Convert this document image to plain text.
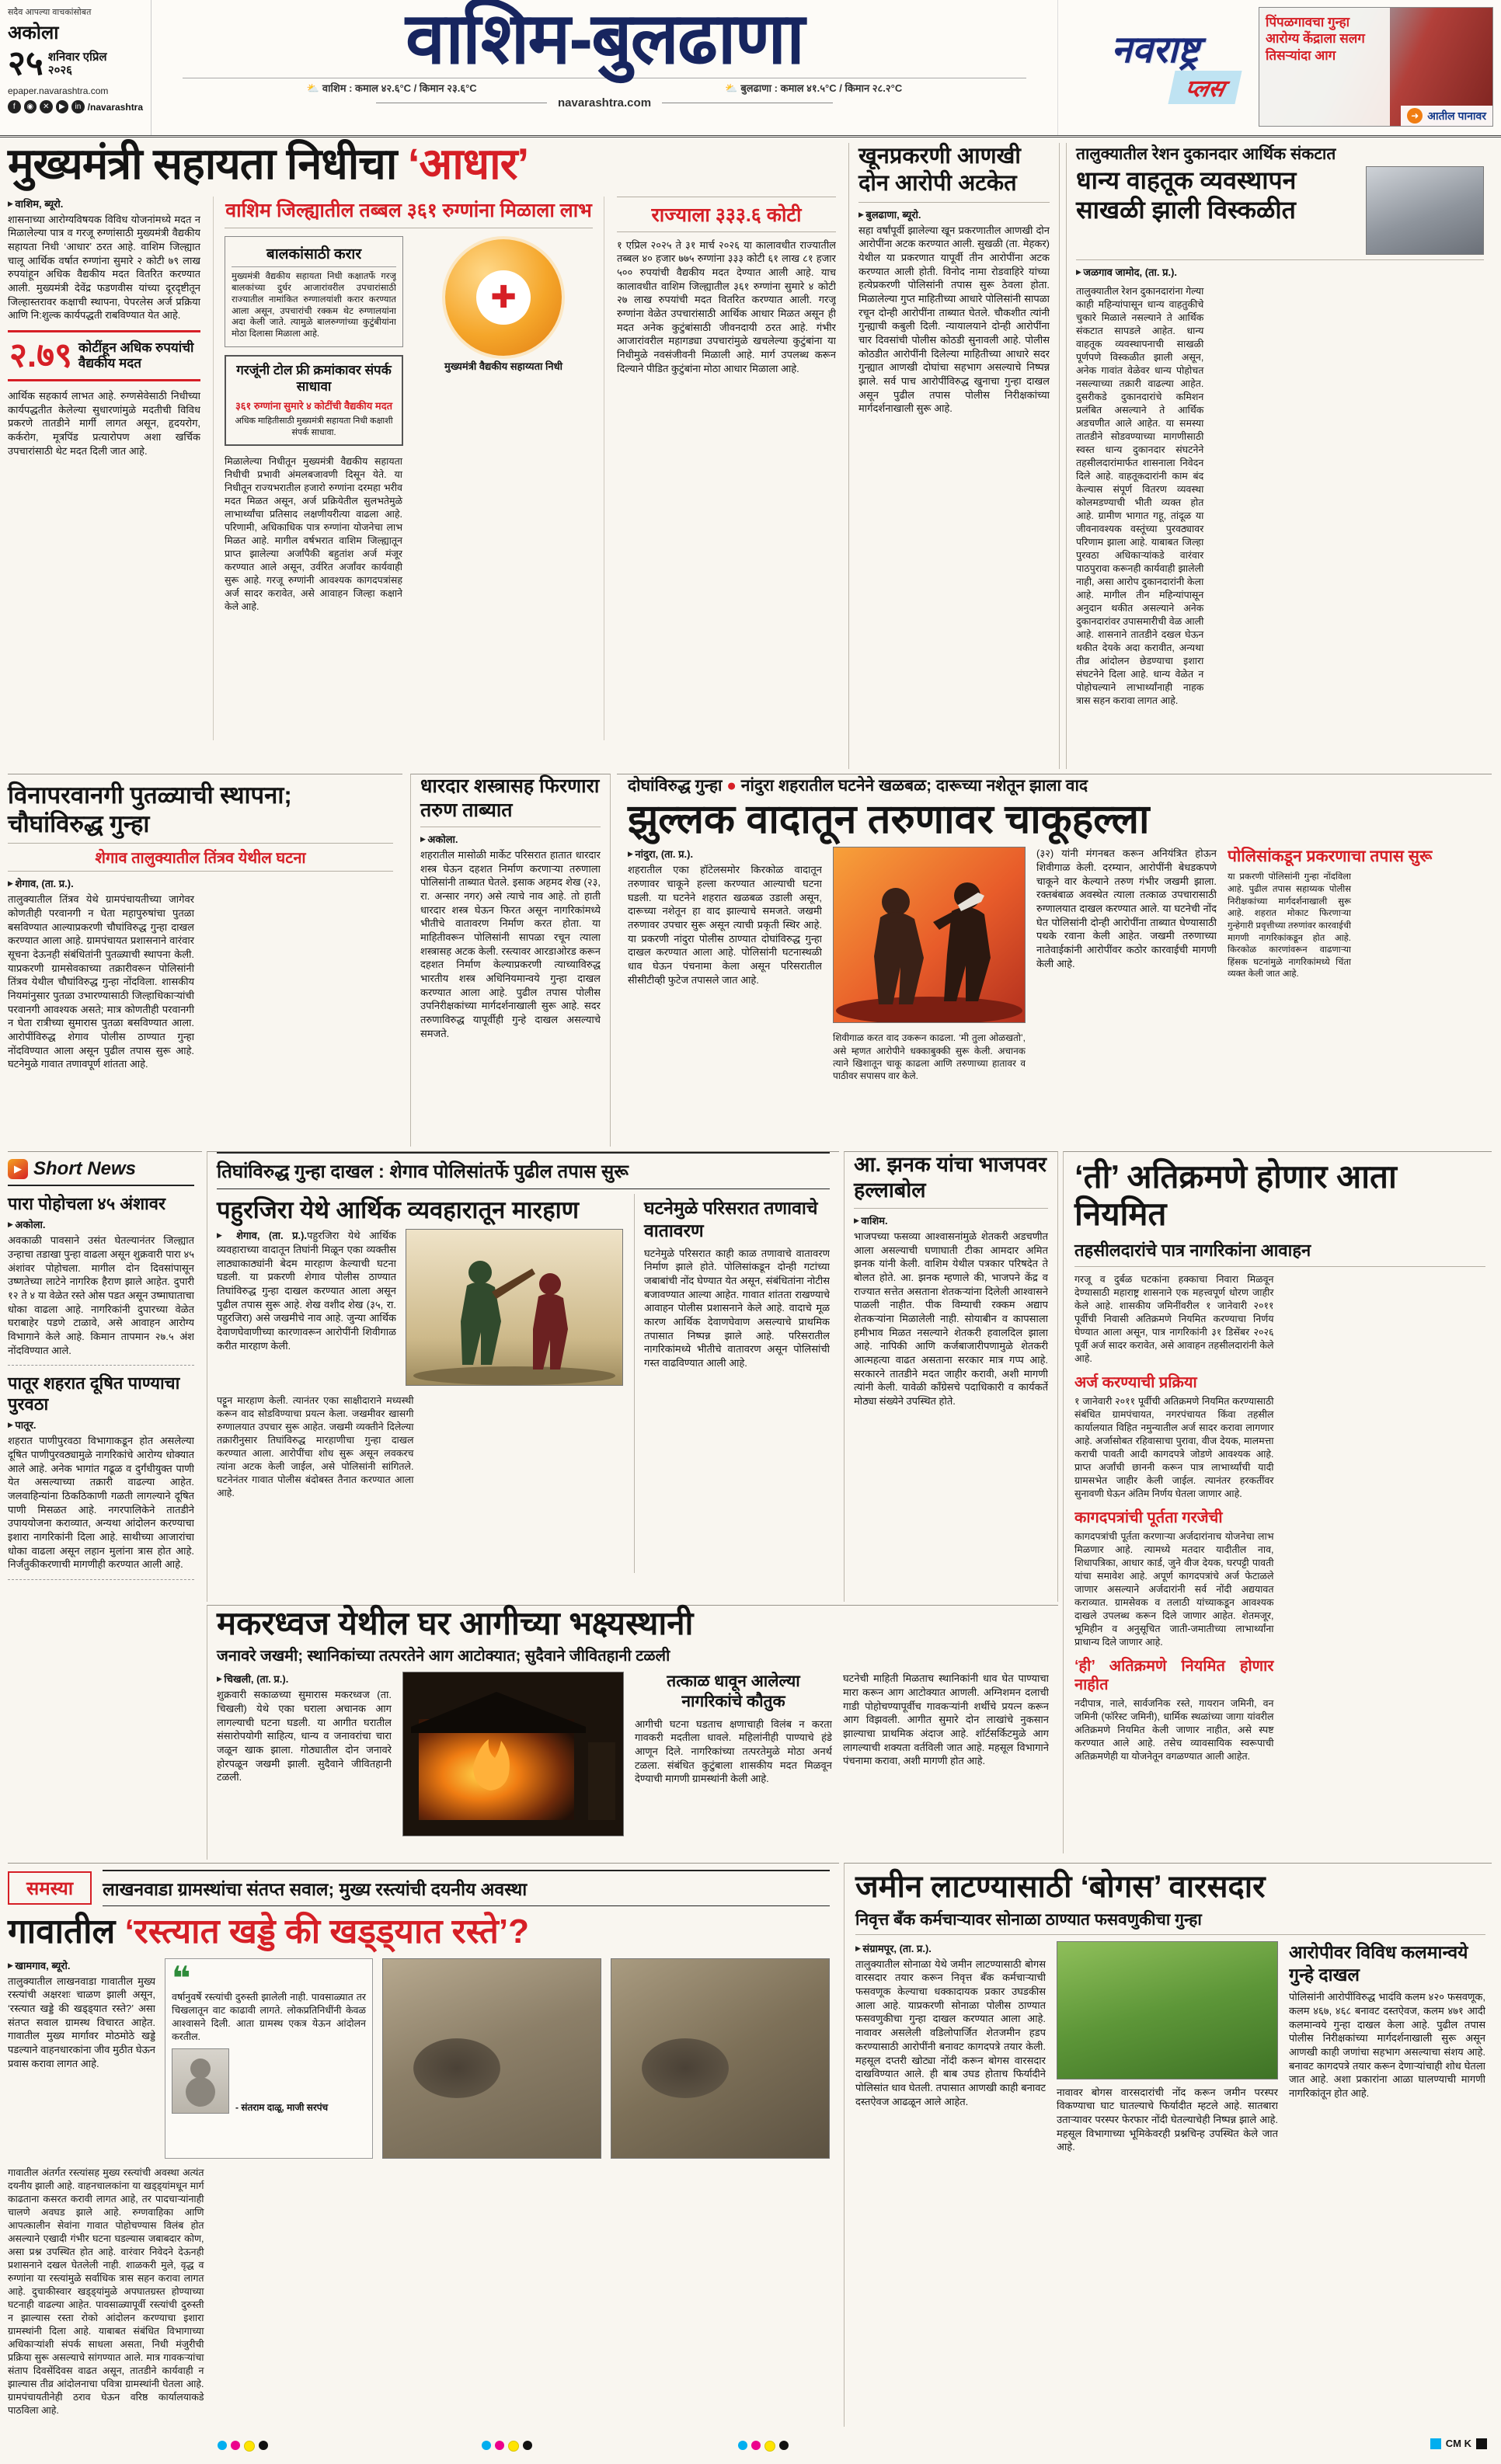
सदैव आपल्या वाचकांसोबत
अकोला
२५ शनिवार एप्रिल २०२६
epaper.navarashtra.com
f	◉	✕	▶	in /navarashtra
वाशिम-बुलढाणा
⛅ वाशिम : कमाल ४२.६°C / किमान २३.६°C	⛅ बुलढाणा : कमाल ४१.५°C / किमान २८.२°C
navarashtra.com
नवराष्ट्र
प्लस
पिंपळगावचा गुन्हा आरोग्य केंद्राला सलग तिसऱ्यांदा आग
➜ आतील पानावर
मुख्यमंत्री सहायता निधीचा ‘आधार’
▶ वाशिम, ब्यूरो.
शासनाच्या आरोग्यविषयक विविध योजनांमध्ये मदत न मिळालेल्या पात्र व गरजू रुग्णांसाठी मुख्यमंत्री वैद्यकीय सहायता निधी ‘आधार’ ठरत आहे. वाशिम जिल्ह्यात चालू आर्थिक वर्षात रुग्णांना सुमारे २ कोटी ७९ लाख रुपयांहून अधिक वैद्यकीय मदत वितरित करण्यात आली. मुख्यमंत्री देवेंद्र फडणवीस यांच्या दूरदृष्टीतून जिल्हास्तरावर कक्षाची स्थापना, पेपरलेस अर्ज प्रक्रिया आणि नि:शुल्क कार्यपद्धती राबविण्यात येत आहे.
२.७९ कोटींहून अधिक रुपयांची वैद्यकीय मदत
आर्थिक सहकार्य लाभत आहे. रुग्णसेवेसाठी निधीच्या कार्यपद्धतीत केलेल्या सुधारणांमुळे मदतीची विविध प्रकरणे तातडीने मार्गी लागत असून, हृदयरोग, कर्करोग, मूत्रपिंड प्रत्यारोपण अशा खर्चिक उपचारांसाठी थेट मदत दिली जात आहे.
वाशिम जिल्ह्यातील तब्बल ३६१ रुग्णांना मिळाला लाभ
बालकांसाठी करार
मुख्यमंत्री वैद्यकीय सहायता निधी कक्षातर्फे गरजू बालकांच्या दुर्धर आजारांवरील उपचारांसाठी राज्यातील नामांकित रुग्णालयांशी करार करण्यात आला असून, उपचारांची रक्कम थेट रुग्णालयांना अदा केली जाते. त्यामुळे बालरुग्णांच्या कुटुंबीयांना मोठा दिलासा मिळाला आहे.
गरजूंनी टोल फ्री क्रमांकावर संपर्क साधावा
३६१ रुग्णांना सुमारे ४ कोटींची वैद्यकीय मदत
अधिक माहितीसाठी मुख्यमंत्री सहायता निधी कक्षाशी संपर्क साधावा.
✚
मुख्यमंत्री वैद्यकीय सहाय्यता निधी
मिळालेल्या निधीतून मुख्यमंत्री वैद्यकीय सहायता निधीची प्रभावी अंमलबजावणी दिसून येते. या निधीतून राज्यभरातील हजारो रुग्णांना दरमहा भरीव मदत मिळत असून, अर्ज प्रक्रियेतील सुलभतेमुळे लाभार्थ्यांचा प्रतिसाद लक्षणीयरीत्या वाढला आहे. परिणामी, अधिकाधिक पात्र रुग्णांना योजनेचा लाभ मिळत आहे. मागील वर्षभरात वाशिम जिल्ह्यातून प्राप्त झालेल्या अर्जांपैकी बहुतांश अर्ज मंजूर करण्यात आले असून, उर्वरित अर्जांवर कार्यवाही सुरू आहे. गरजू रुग्णांनी आवश्यक कागदपत्रांसह अर्ज सादर करावेत, असे आवाहन जिल्हा कक्षाने केले आहे.
राज्याला ३३३.६ कोटी
१ एप्रिल २०२५ ते ३१ मार्च २०२६ या कालावधीत राज्यातील तब्बल ४० हजार ७७५ रुग्णांना ३३३ कोटी ६१ लाख ८१ हजार ५०० रुपयांची वैद्यकीय मदत देण्यात आली आहे. याच कालावधीत वाशिम जिल्ह्यातील ३६१ रुग्णांना सुमारे ४ कोटी २७ लाख रुपयांची मदत वितरित करण्यात आली. गरजू रुग्णांना वेळेत उपचारांसाठी आर्थिक आधार मिळत असून ही मदत अनेक कुटुंबांसाठी जीवनदायी ठरत आहे. गंभीर आजारांवरील महागड्या उपचारांमुळे खचलेल्या कुटुंबांना या निधीमुळे नवसंजीवनी मिळाली आहे. मार्ग उपलब्ध करून दिल्याने पीडित कुटुंबांना मोठा आधार मिळाला आहे.
खूनप्रकरणी आणखी दोन आरोपी अटकेत
▶ बुलढाणा, ब्यूरो.
सहा वर्षांपूर्वी झालेल्या खून प्रकरणातील आणखी दोन आरोपींना अटक करण्यात आली. सुखळी (ता. मेहकर) येथील या प्रकरणात यापूर्वी तीन आरोपींना अटक करण्यात आली होती. विनोद नामा रोडवाहिरे यांच्या हत्येप्रकरणी पोलिसांनी तपास सुरू ठेवला होता. मिळालेल्या गुप्त माहितीच्या आधारे पोलिसांनी सापळा रचून दोन्ही आरोपींना ताब्यात घेतले. चौकशीत त्यांनी गुन्ह्याची कबुली दिली. न्यायालयाने दोन्ही आरोपींना चार दिवसांची पोलीस कोठडी सुनावली आहे. पोलीस कोठडीत आरोपींनी दिलेल्या माहितीच्या आधारे सदर गुन्ह्यात आणखी दोघांचा सहभाग असल्याचे निष्पन्न झाले. सर्व पाच आरोपींविरुद्ध खुनाचा गुन्हा दाखल असून पुढील तपास पोलीस निरीक्षकांच्या मार्गदर्शनाखाली सुरू आहे.
तालुक्यातील रेशन दुकानदार आर्थिक संकटात
धान्य वाहतूक व्यवस्थापन साखळी झाली विस्कळीत
▶ जळगाव जामोद, (ता. प्र.).
तालुक्यातील रेशन दुकानदारांना गेल्या काही महिन्यांपासून धान्य वाहतुकीचे चुकारे मिळाले नसल्याने ते आर्थिक संकटात सापडले आहेत. धान्य वाहतूक व्यवस्थापनाची साखळी पूर्णपणे विस्कळीत झाली असून, अनेक गावांत वेळेवर धान्य पोहोचत नसल्याच्या तक्रारी वाढल्या आहेत. दुसरीकडे दुकानदारांचे कमिशन प्रलंबित असल्याने ते आर्थिक अडचणीत आले आहेत. या समस्या तातडीने सोडवण्याच्या मागणीसाठी स्वस्त धान्य दुकानदार संघटनेने तहसीलदारांमार्फत शासनाला निवेदन दिले आहे. वाहतूकदारांनी काम बंद केल्यास संपूर्ण वितरण व्यवस्था कोलमडण्याची भीती व्यक्त होत आहे. ग्रामीण भागात गहू, तांदूळ या जीवनावश्यक वस्तूंच्या पुरवठ्यावर परिणाम झाला आहे. याबाबत जिल्हा पुरवठा अधिकाऱ्यांकडे वारंवार पाठपुरावा करूनही कार्यवाही झालेली नाही, असा आरोप दुकानदारांनी केला आहे. मागील तीन महिन्यांपासून अनुदान थकीत असल्याने अनेक दुकानदारांवर उपासमारीची वेळ आली आहे. शासनाने तातडीने दखल घेऊन थकीत देयके अदा करावीत, अन्यथा तीव्र आंदोलन छेडण्याचा इशारा संघटनेने दिला आहे. धान्य वेळेत न पोहोचल्याने लाभार्थ्यांनाही नाहक त्रास सहन करावा लागत आहे.
विनापरवानगी पुतळ्याची स्थापना; चौघांविरुद्ध गुन्हा
शेगाव तालुक्यातील तिंत्रव येथील घटना
▶ शेगाव, (ता. प्र.).
तालुक्यातील तिंत्रव येथे ग्रामपंचायतीच्या जागेवर कोणतीही परवानगी न घेता महापुरुषांचा पुतळा बसविण्यात आल्याप्रकरणी चौघांविरुद्ध गुन्हा दाखल करण्यात आला आहे. ग्रामपंचायत प्रशासनाने वारंवार सूचना देऊनही संबंधितांनी पुतळ्याची स्थापना केली. याप्रकरणी ग्रामसेवकाच्या तक्रारीवरून पोलिसांनी तिंत्रव येथील चौघांविरुद्ध गुन्हा नोंदविला. शासकीय नियमांनुसार पुतळा उभारण्यासाठी जिल्हाधिकाऱ्यांची परवानगी आवश्यक असते; मात्र कोणतीही परवानगी न घेता रात्रीच्या सुमारास पुतळा बसविण्यात आला. आरोपींविरुद्ध शेगाव पोलीस ठाण्यात गुन्हा नोंदविण्यात आला असून पुढील तपास सुरू आहे. घटनेमुळे गावात तणावपूर्ण शांतता आहे.
धारदार शस्त्रासह फिरणारा तरुण ताब्यात
▶ अकोला.
शहरातील मासोळी मार्केट परिसरात हातात धारदार शस्त्र घेऊन दहशत निर्माण करणाऱ्या तरुणाला पोलिसांनी ताब्यात घेतले. इसाक अहमद शेख (२३, रा. अन्सार नगर) असे त्याचे नाव आहे. तो हाती धारदार शस्त्र घेऊन फिरत असून नागरिकांमध्ये भीतीचे वातावरण निर्माण करत होता. या माहितीवरून पोलिसांनी सापळा रचून त्याला शस्त्रासह अटक केली. रस्त्यावर आरडाओरड करून दहशत निर्माण केल्याप्रकरणी त्याच्याविरुद्ध भारतीय शस्त्र अधिनियमान्वये गुन्हा दाखल करण्यात आला आहे. पुढील तपास पोलीस उपनिरीक्षकांच्या मार्गदर्शनाखाली सुरू आहे. सदर तरुणाविरुद्ध यापूर्वीही गुन्हे दाखल असल्याचे समजते.
दोघांविरुद्ध गुन्हा ● नांदुरा शहरातील घटनेने खळबळ; दारूच्या नशेतून झाला वाद
झुल्लक वादातून तरुणावर चाकूहल्ला
▶ नांदुरा, (ता. प्र.).
शहरातील एका हॉटेलसमोर किरकोळ वादातून तरुणावर चाकूने हल्ला करण्यात आल्याची घटना घडली. या घटनेने शहरात खळबळ उडाली असून, दारूच्या नशेतून हा वाद झाल्याचे समजते. जखमी तरुणावर उपचार सुरू असून त्याची प्रकृती स्थिर आहे. या प्रकरणी नांदुरा पोलीस ठाण्यात दोघांविरुद्ध गुन्हा दाखल करण्यात आला आहे. पोलिसांनी घटनास्थळी धाव घेऊन पंचनामा केला असून परिसरातील सीसीटीव्ही फुटेज तपासले जात आहे.
शिवीगाळ करत वाद उकरून काढला. ‘मी तुला ओळखतो’, असे म्हणत आरोपीने धक्काबुक्की सुरू केली. अचानक त्याने खिशातून चाकू काढला आणि तरुणाच्या हातावर व पाठीवर सपासप वार केले.
(३२) यांनी मंगनबत करून अनियंत्रित होऊन शिवीगाळ केली. दरम्यान, आरोपींनी बेधडकपणे चाकूने वार केल्याने तरुण गंभीर जखमी झाला. रक्तबंबाळ अवस्थेत त्याला तत्काळ उपचारासाठी रुग्णालयात दाखल करण्यात आले. या घटनेची नोंद घेत पोलिसांनी दोन्ही आरोपींना ताब्यात घेण्यासाठी पथके रवाना केली आहेत. जखमी तरुणाच्या नातेवाईकांनी आरोपींवर कठोर कारवाईची मागणी केली आहे.
पोलिसांकडून प्रकरणाचा तपास सुरू
या प्रकरणी पोलिसांनी गुन्हा नोंदविला आहे. पुढील तपास सहाय्यक पोलीस निरीक्षकांच्या मार्गदर्शनाखाली सुरू आहे. शहरात मोकाट फिरणाऱ्या गुन्हेगारी प्रवृत्तीच्या तरुणांवर कारवाईची मागणी नागरिकांकडून होत आहे. किरकोळ कारणांवरून वाढणाऱ्या हिंसक घटनांमुळे नागरिकांमध्ये चिंता व्यक्त केली जात आहे.
▶ Short News
पारा पोहोचला ४५ अंशावर
▶ अकोला.
अवकाळी पावसाने उसंत घेतल्यानंतर जिल्ह्यात उन्हाचा तडाखा पुन्हा वाढला असून शुक्रवारी पारा ४५ अंशांवर पोहोचला. मागील दोन दिवसांपासून उष्णतेच्या लाटेने नागरिक हैराण झाले आहेत. दुपारी १२ ते ४ या वेळेत रस्ते ओस पडत असून उष्माघाताचा धोका वाढला आहे. नागरिकांनी दुपारच्या वेळेत घराबाहेर पडणे टाळावे, असे आवाहन आरोग्य विभागाने केले आहे. किमान तापमान २७.५ अंश नोंदविण्यात आले.
पातूर शहरात दूषित पाण्याचा पुरवठा
▶ पातूर.
शहरात पाणीपुरवठा विभागाकडून होत असलेल्या दूषित पाणीपुरवठ्यामुळे नागरिकांचे आरोग्य धोक्यात आले आहे. अनेक भागांत गढूळ व दुर्गंधीयुक्त पाणी येत असल्याच्या तक्रारी वाढल्या आहेत. जलवाहिन्यांना ठिकठिकाणी गळती लागल्याने दूषित पाणी मिसळत आहे. नगरपालिकेने तातडीने उपाययोजना कराव्यात, अन्यथा आंदोलन करण्याचा इशारा नागरिकांनी दिला आहे. साथीच्या आजारांचा धोका वाढला असून लहान मुलांना त्रास होत आहे. निर्जंतुकीकरणाची मागणीही करण्यात आली आहे.
तिघांविरुद्ध गुन्हा दाखल : शेगाव पोलिसांतर्फे पुढील तपास सुरू
पहुरजिरा येथे आर्थिक व्यवहारातून मारहाण
▶ शेगाव, (ता. प्र.).पहुरजिरा येथे आर्थिक व्यवहाराच्या वादातून तिघांनी मिळून एका व्यक्तीस लाठ्याकाठ्यांनी बेदम मारहाण केल्याची घटना घडली. या प्रकरणी शेगाव पोलीस ठाण्यात तिघांविरुद्ध गुन्हा दाखल करण्यात आला असून पुढील तपास सुरू आहे. शेख वशीद शेख (३५, रा. पहुरजिरा) असे जखमीचे नाव आहे. जुन्या आर्थिक देवाणघेवाणीच्या कारणावरून आरोपींनी शिवीगाळ करीत मारहाण केली.
पट्टून मारहाण केली. त्यानंतर एका साक्षीदाराने मध्यस्थी करून वाद सोडविण्याचा प्रयत्न केला. जखमीवर खासगी रुग्णालयात उपचार सुरू आहेत. जखमी व्यक्तीने दिलेल्या तक्रारीनुसार तिघांविरुद्ध मारहाणीचा गुन्हा दाखल करण्यात आला. आरोपींचा शोध सुरू असून लवकरच त्यांना अटक केली जाईल, असे पोलिसांनी सांगितले. घटनेनंतर गावात पोलीस बंदोबस्त तैनात करण्यात आला आहे.
घटनेमुळे परिसरात तणावाचे वातावरण
घटनेमुळे परिसरात काही काळ तणावाचे वातावरण निर्माण झाले होते. पोलिसांकडून दोन्ही गटांच्या जबाबांची नोंद घेण्यात येत असून, संबंधितांना नोटीस बजावण्यात आल्या आहेत. गावात शांतता राखण्याचे आवाहन पोलीस प्रशासनाने केले आहे. वादाचे मूळ कारण आर्थिक देवाणघेवाण असल्याचे प्राथमिक तपासात निष्पन्न झाले आहे. परिसरातील नागरिकांमध्ये भीतीचे वातावरण असून पोलिसांची गस्त वाढविण्यात आली आहे.
आ. झनक यांचा भाजपवर हल्लाबोल
▶ वाशिम.
भाजपच्या फसव्या आश्वासनांमुळे शेतकरी अडचणीत आला असल्याची घणाघाती टीका आमदार अमित झनक यांनी केली. वाशिम येथील पत्रकार परिषदेत ते बोलत होते. आ. झनक म्हणाले की, भाजपने केंद्र व राज्यात सत्तेत असताना शेतकऱ्यांना दिलेली आश्वासने पाळली नाहीत. पीक विम्याची रक्कम अद्याप शेतकऱ्यांना मिळालेली नाही. सोयाबीन व कापसाला हमीभाव मिळत नसल्याने शेतकरी हवालदिल झाला आहे. नापिकी आणि कर्जबाजारीपणामुळे शेतकरी आत्महत्या वाढत असताना सरकार मात्र गप्प आहे. सरकारने तातडीने मदत जाहीर करावी, अशी मागणी त्यांनी केली. यावेळी काँग्रेसचे पदाधिकारी व कार्यकर्ते मोठ्या संख्येने उपस्थित होते.
‘ती’ अतिक्रमणे होणार आता नियमित
तहसीलदारांचे पात्र नागरिकांना आवाहन
गरजू व दुर्बळ घटकांना हक्काचा निवारा मिळवून देण्यासाठी महाराष्ट्र शासनाने एक महत्त्वपूर्ण धोरण जाहीर केले आहे. शासकीय जमिनींवरील १ जानेवारी २०११ पूर्वीची निवासी अतिक्रमणे नियमित करण्याचा निर्णय घेण्यात आला असून, पात्र नागरिकांनी ३१ डिसेंबर २०२६ पूर्वी अर्ज सादर करावेत, असे आवाहन तहसीलदारांनी केले आहे.
अर्ज करण्याची प्रक्रिया
१ जानेवारी २०११ पूर्वीची अतिक्रमणे नियमित करण्यासाठी संबंधित ग्रामपंचायत, नगरपंचायत किंवा तहसील कार्यालयात विहित नमुन्यातील अर्ज सादर करावा लागणार आहे. अर्जासोबत रहिवासाचा पुरावा, वीज देयक, मालमत्ता कराची पावती आदी कागदपत्रे जोडणे आवश्यक आहे. प्राप्त अर्जांची छाननी करून पात्र लाभार्थ्यांची यादी ग्रामसभेत जाहीर केली जाईल. त्यानंतर हरकतींवर सुनावणी घेऊन अंतिम निर्णय घेतला जाणार आहे.
कागदपत्रांची पूर्तता गरजेची
कागदपत्रांची पूर्तता करणाऱ्या अर्जदारांनाच योजनेचा लाभ मिळणार आहे. त्यामध्ये मतदार यादीतील नाव, शिधापत्रिका, आधार कार्ड, जुने वीज देयक, घरपट्टी पावती यांचा समावेश आहे. अपूर्ण कागदपत्रांचे अर्ज फेटाळले जाणार असल्याने अर्जदारांनी सर्व नोंदी अद्ययावत कराव्यात. ग्रामसेवक व तलाठी यांच्याकडून आवश्यक दाखले उपलब्ध करून दिले जाणार आहेत. शेतमजूर, भूमिहीन व अनुसूचित जाती-जमातीच्या लाभार्थ्यांना प्राधान्य दिले जाणार आहे.
‘ही’ अतिक्रमणे नियमित होणार नाहीत
नदीपात्र, नाले, सार्वजनिक रस्ते, गायरान जमिनी, वन जमिनी (फॉरेस्ट जमिनी), धार्मिक स्थळांच्या जागा यांवरील अतिक्रमणे नियमित केली जाणार नाहीत, असे स्पष्ट करण्यात आले आहे. तसेच व्यावसायिक स्वरूपाची अतिक्रमणेही या योजनेतून वगळण्यात आली आहेत.
मकरध्वज येथील घर आगीच्या भक्ष्यस्थानी
जनावरे जखमी; स्थानिकांच्या तत्परतेने आग आटोक्यात; सुदैवाने जीवितहानी टळली
▶ चिखली, (ता. प्र.).
शुक्रवारी सकाळच्या सुमारास मकरध्वज (ता. चिखली) येथे एका घराला अचानक आग लागल्याची घटना घडली. या आगीत घरातील संसारोपयोगी साहित्य, धान्य व जनावरांचा चारा जळून खाक झाला. गोठ्यातील दोन जनावरे होरपळून जखमी झाली. सुदैवाने जीवितहानी टळली.
तत्काळ धावून आलेल्या नागरिकांचे कौतुक
आगीची घटना घडताच क्षणाचाही विलंब न करता गावकरी मदतीला धावले. महिलांनीही पाण्याचे हंडे आणून दिले. नागरिकांच्या तत्परतेमुळे मोठा अनर्थ टळला. संबंधित कुटुंबाला शासकीय मदत मिळवून देण्याची मागणी ग्रामस्थांनी केली आहे.
घटनेची माहिती मिळताच स्थानिकांनी धाव घेत पाण्याचा मारा करून आग आटोक्यात आणली. अग्निशमन दलाची गाडी पोहोचण्यापूर्वीच गावकऱ्यांनी शर्थीचे प्रयत्न करून आग विझवली. आगीत सुमारे दोन लाखांचे नुकसान झाल्याचा प्राथमिक अंदाज आहे. शॉर्टसर्किटमुळे आग लागल्याची शक्यता वर्तविली जात आहे. महसूल विभागाने पंचनामा करावा, अशी मागणी होत आहे.
समस्या	लाखनवाडा ग्रामस्थांचा संतप्त सवाल; मुख्य रस्त्यांची दयनीय अवस्था
गावातील ‘रस्त्यात खड्डे की खड्ड्यात रस्ते’?
▶ खामगाव, ब्यूरो.
तालुक्यातील लाखनवाडा गावातील मुख्य रस्त्यांची अक्षरशः चाळण झाली असून, ‘रस्त्यात खड्डे की खड्ड्यात रस्ते?’ असा संतप्त सवाल ग्रामस्थ विचारत आहेत. गावातील मुख्य मार्गावर मोठमोठे खड्डे पडल्याने वाहनधारकांना जीव मुठीत घेऊन प्रवास करावा लागत आहे.
❝
वर्षानुवर्षे रस्त्यांची दुरुस्ती झालेली नाही. पावसाळ्यात तर चिखलातून वाट काढावी लागते. लोकप्रतिनिधींनी केवळ आश्वासने दिली. आता ग्रामस्थ एकत्र येऊन आंदोलन करतील.
- संतराम दाळू, माजी सरपंच
गावातील अंतर्गत रस्त्यांसह मुख्य रस्त्यांची अवस्था अत्यंत दयनीय झाली आहे. वाहनचालकांना या खड्ड्यांमधून मार्ग काढताना कसरत करावी लागत आहे, तर पादचाऱ्यांनाही चालणे अवघड झाले आहे. रुग्णवाहिका आणि आपत्कालीन सेवांना गावात पोहोचण्यास विलंब होत असल्याने एखादी गंभीर घटना घडल्यास जबाबदार कोण, असा प्रश्न उपस्थित होत आहे. वारंवार निवेदने देऊनही प्रशासनाने दखल घेतलेली नाही. शाळकरी मुले, वृद्ध व रुग्णांना या रस्त्यांमुळे सर्वाधिक त्रास सहन करावा लागत आहे. दुचाकीस्वार खड्ड्यांमुळे अपघातग्रस्त होण्याच्या घटनाही वाढल्या आहेत. पावसाळ्यापूर्वी रस्त्यांची दुरुस्ती न झाल्यास रस्ता रोको आंदोलन करण्याचा इशारा ग्रामस्थांनी दिला आहे. याबाबत संबंधित विभागाच्या अधिकाऱ्यांशी संपर्क साधला असता, निधी मंजुरीची प्रक्रिया सुरू असल्याचे सांगण्यात आले. मात्र गावकऱ्यांचा संताप दिवसेंदिवस वाढत असून, तातडीने कार्यवाही न झाल्यास तीव्र आंदोलनाचा पवित्रा ग्रामस्थांनी घेतला आहे. ग्रामपंचायतीनेही ठराव घेऊन वरिष्ठ कार्यालयाकडे पाठविला आहे.
जमीन लाटण्यासाठी ‘बोगस’ वारसदार
निवृत्त बँक कर्मचाऱ्यावर सोनाळा ठाण्यात फसवणुकीचा गुन्हा
▶ संग्रामपूर, (ता. प्र.).
तालुक्यातील सोनाळा येथे जमीन लाटण्यासाठी बोगस वारसदार तयार करून निवृत्त बँक कर्मचाऱ्याची फसवणूक केल्याचा धक्कादायक प्रकार उघडकीस आला आहे. याप्रकरणी सोनाळा पोलीस ठाण्यात फसवणुकीचा गुन्हा दाखल करण्यात आला आहे. नावावर असलेली वडिलोपार्जित शेतजमीन हडप करण्यासाठी आरोपींनी बनावट कागदपत्रे तयार केली. महसूल दप्तरी खोट्या नोंदी करून बोगस वारसदार दाखविण्यात आले. ही बाब उघड होताच फिर्यादीने पोलिसांत धाव घेतली. तपासात आणखी काही बनावट दस्तऐवज आढळून आले आहेत.
नावावर बोगस वारसदारांची नोंद करून जमीन परस्पर विकण्याचा घाट घातल्याचे फिर्यादीत म्हटले आहे. सातबारा उताऱ्यावर परस्पर फेरफार नोंदी घेतल्याचेही निष्पन्न झाले आहे. महसूल विभागाच्या भूमिकेवरही प्रश्नचिन्ह उपस्थित केले जात आहे.
आरोपीवर विविध कलमान्वये गुन्हे दाखल
पोलिसांनी आरोपींविरुद्ध भादंवि कलम ४२० फसवणूक, कलम ४६७, ४६८ बनावट दस्तऐवज, कलम ४७१ आदी कलमान्वये गुन्हा दाखल केला आहे. पुढील तपास पोलीस निरीक्षकांच्या मार्गदर्शनाखाली सुरू असून आणखी काही जणांचा सहभाग असल्याचा संशय आहे. बनावट कागदपत्रे तयार करून देणाऱ्यांचाही शोध घेतला जात आहे. अशा प्रकारांना आळा घालण्याची मागणी नागरिकांतून होत आहे.
CM K
